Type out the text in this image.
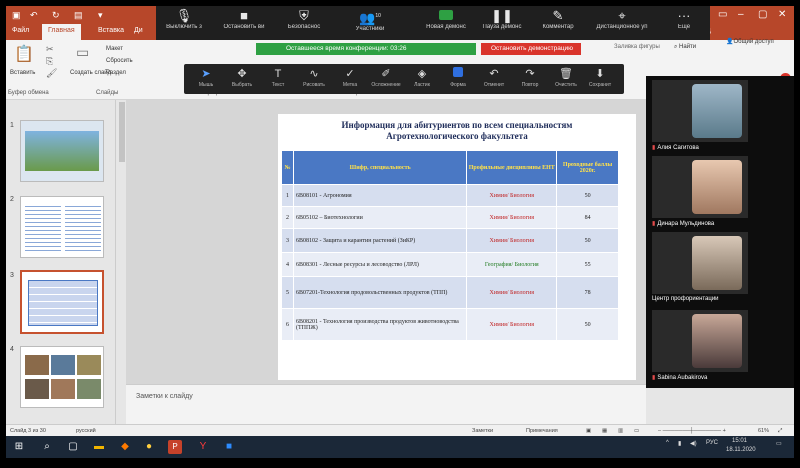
▣ ↶ ↻ ▤ ▾	▭ – ▢ ✕
Файл	Главная	Вставка Ди
🎙
Выключить з
■
Остановить ви
⛨
Безопаснос
👥$^{10}$
Участники	Новая демонс
❚❚
Пауза демонс
✎
Комментар
⌖
Дистанционное уп
···
Еще
📋
Вставить
✂
⎘
🖌
Буфер обмена
▭
Создать слайд
Макет
Сбросить
Раздел
Слайды
Заливка фигуры ⌕ Найти
👤Общий доступ
Оставшееся время конференции: 03:26	Остановить демонстрацию
➤
Мышь
✥
Выбрать
T
Текст
∿
Рисовать
✓
Метка
✐
Осложнение
◈
Ластик	Форма
↶
Отменит
↷
Повтор
🗑
Очистить
⬇
Сохранит
1
2
3
4
Информация для абитуриентов по всем специальностям
Агротехнологического факультета
№	Шифр, специальность	Профильные дисциплины ЕНТ	Проходные баллы 2020г.
1	6В08101 - Агрономия	Химия/ Биология	50
2	6В05102 – Биотехнологии	Химия/ Биология	84
3	6В08102 - Защита и карантин растений (ЗиКР)	Химия/ Биология	50
4	6В08301 - Лесные ресурсы и лесоводство (ЛРЛ)	География/ Биология	55
5	6В07201-Технология продовольственных продуктов (ТПП)	Химия/ Биология	78
6	6В08201 - Технология производства продуктов животноводства (ТППЖ)	Химия/ Биология	50
Заметки к слайду
▮ Алия Сагитова
▮ Динара Мульдинова
Центр профориентации
▮ Sabina Aubakirova
Слайд 3 из 30	русский	Заметки	Примечания	▣ ▦ ▥ ▭	– ───────┼─────── +	61% ⤢
⊞	⌕	▢ ▬	◆	●	P	Y	■	^ ▮ ◀) РУС 15:01
18.11.2020
▭
